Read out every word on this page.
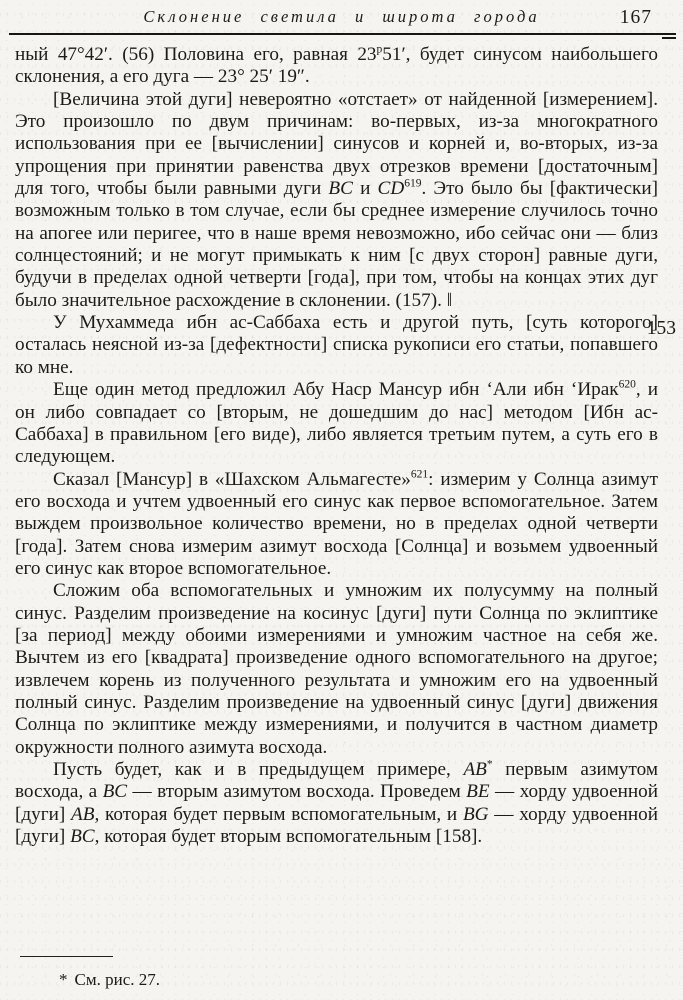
Склонение светила и широта города	167

ный 47°42′. (56) Половина его, равная 23$^р$51′, будет синусом наибольшего склонения, а его дуга — 23° 25′ 19″.

[Величина этой дуги] невероятно «отстает» от найденной [измерением]. Это произошло по двум причинам: во-первых, из-за многократного использования при ее [вычислении] синусов и корней и, во-вторых, из-за упрощения при принятии равенства двух отрезков времени [достаточным] для того, чтобы были равными дуги BC и CD$^{619}$. Это было бы [фактически] возможным только в том случае, если бы среднее измерение случилось точно на апогее или перигее, что в наше время невозможно, ибо сейчас они — близ солнцестояний; и не могут примыкать к ним [с двух сторон] равные дуги, будучи в пределах одной четверти [года], при том, чтобы на концах этих дуг было значительное расхождение в склонении. (157). ‖

У Мухаммеда ибн ас-Саббаха есть и другой путь, [суть которого] осталась неясной из-за [дефектности] списка рукописи его статьи, попавшего ко мне.

Еще один метод предложил Абу Наср Мансур ибн ʻАли ибн ʻИрак$^{620}$, и он либо совпадает со [вторым, не дошедшим до нас] методом [Ибн ас-Саббаха] в правильном [его виде), либо является третьим путем, а суть его в следующем.

Сказал [Мансур] в «Шахском Альмагесте»$^{621}$: измерим у Солнца азимут его восхода и учтем удвоенный его синус как первое вспомогательное. Затем выждем произвольное количество времени, но в пределах одной четверти [года]. Затем снова измерим азимут восхода [Солнца] и возьмем удвоенный его синус как второе вспомогательное.

Сложим оба вспомогательных и умножим их полусумму на полный синус. Разделим произведение на косинус [дуги] пути Солнца по эклиптике [за период] между обоими измерениями и умножим частное на себя же. Вычтем из его [квадрата] произведение одного вспомогательного на другое; извлечем корень из полученного результата и умножим его на удвоенный полный синус. Разделим произведение на удвоенный синус [дуги] движения Солнца по эклиптике между измерениями, и получится в частном диаметр окружности полного азимута восхода.

Пусть будет, как и в предыдущем примере, AB* первым азимутом восхода, а BC — вторым азимутом восхода. Проведем BE — хорду удвоенной [дуги] AB, которая будет первым вспомогательным, и BG — хорду удвоенной [дуги] BC, которая будет вторым вспомогательным [158].

153
* См. рис. 27.
